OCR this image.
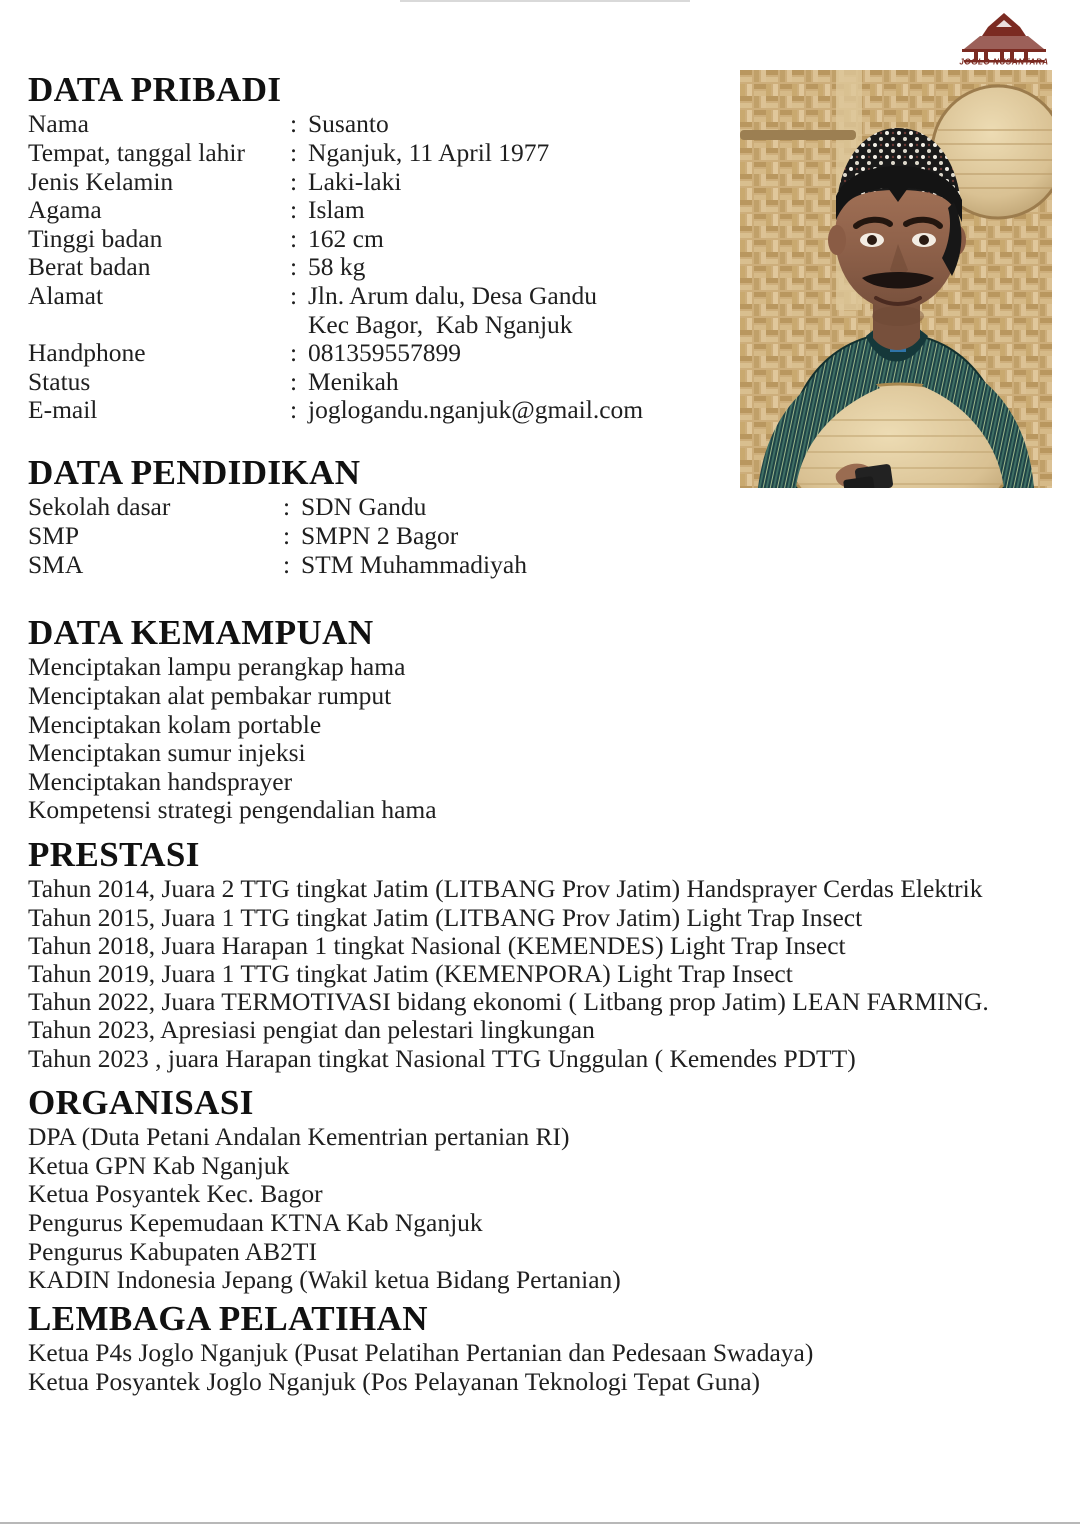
JOGLO NUSANTARA
DATA PRIBADI
Nama	: Susanto
Tempat, tanggal lahir	: Nganjuk, 11 April 1977
Jenis Kelamin	: Laki-laki
Agama	: Islam
Tinggi badan	: 162 cm
Berat badan	: 58 kg
Alamat	: Jln. Arum dalu, Desa Gandu
Kec Bagor,  Kab Nganjuk
Handphone	: 081359557899
Status	: Menikah
E-mail	: joglogandu.nganjuk@gmail.com
DATA PENDIDIKAN
Sekolah dasar	: SDN Gandu
SMP	: SMPN 2 Bagor
SMA	: STM Muhammadiyah
DATA KEMAMPUAN
Menciptakan lampu perangkap hama
Menciptakan alat pembakar rumput
Menciptakan kolam portable
Menciptakan sumur injeksi
Menciptakan handsprayer
Kompetensi strategi pengendalian hama
PRESTASI
Tahun 2014, Juara 2 TTG tingkat Jatim (LITBANG Prov Jatim) Handsprayer Cerdas Elektrik
Tahun 2015, Juara 1 TTG tingkat Jatim (LITBANG Prov Jatim) Light Trap Insect
Tahun 2018, Juara Harapan 1 tingkat Nasional (KEMENDES) Light Trap Insect
Tahun 2019, Juara 1 TTG tingkat Jatim (KEMENPORA) Light Trap Insect
Tahun 2022, Juara TERMOTIVASI bidang ekonomi ( Litbang prop Jatim) LEAN FARMING.
Tahun 2023, Apresiasi pengiat dan pelestari lingkungan
Tahun 2023 , juara Harapan tingkat Nasional TTG Unggulan ( Kemendes PDTT)
ORGANISASI
DPA (Duta Petani Andalan Kementrian pertanian RI)
Ketua GPN Kab Nganjuk
Ketua Posyantek Kec. Bagor
Pengurus Kepemudaan KTNA Kab Nganjuk
Pengurus Kabupaten AB2TI
KADIN Indonesia Jepang (Wakil ketua Bidang Pertanian)
LEMBAGA PELATIHAN
Ketua P4s Joglo Nganjuk (Pusat Pelatihan Pertanian dan Pedesaan Swadaya)
Ketua Posyantek Joglo Nganjuk (Pos Pelayanan Teknologi Tepat Guna)
